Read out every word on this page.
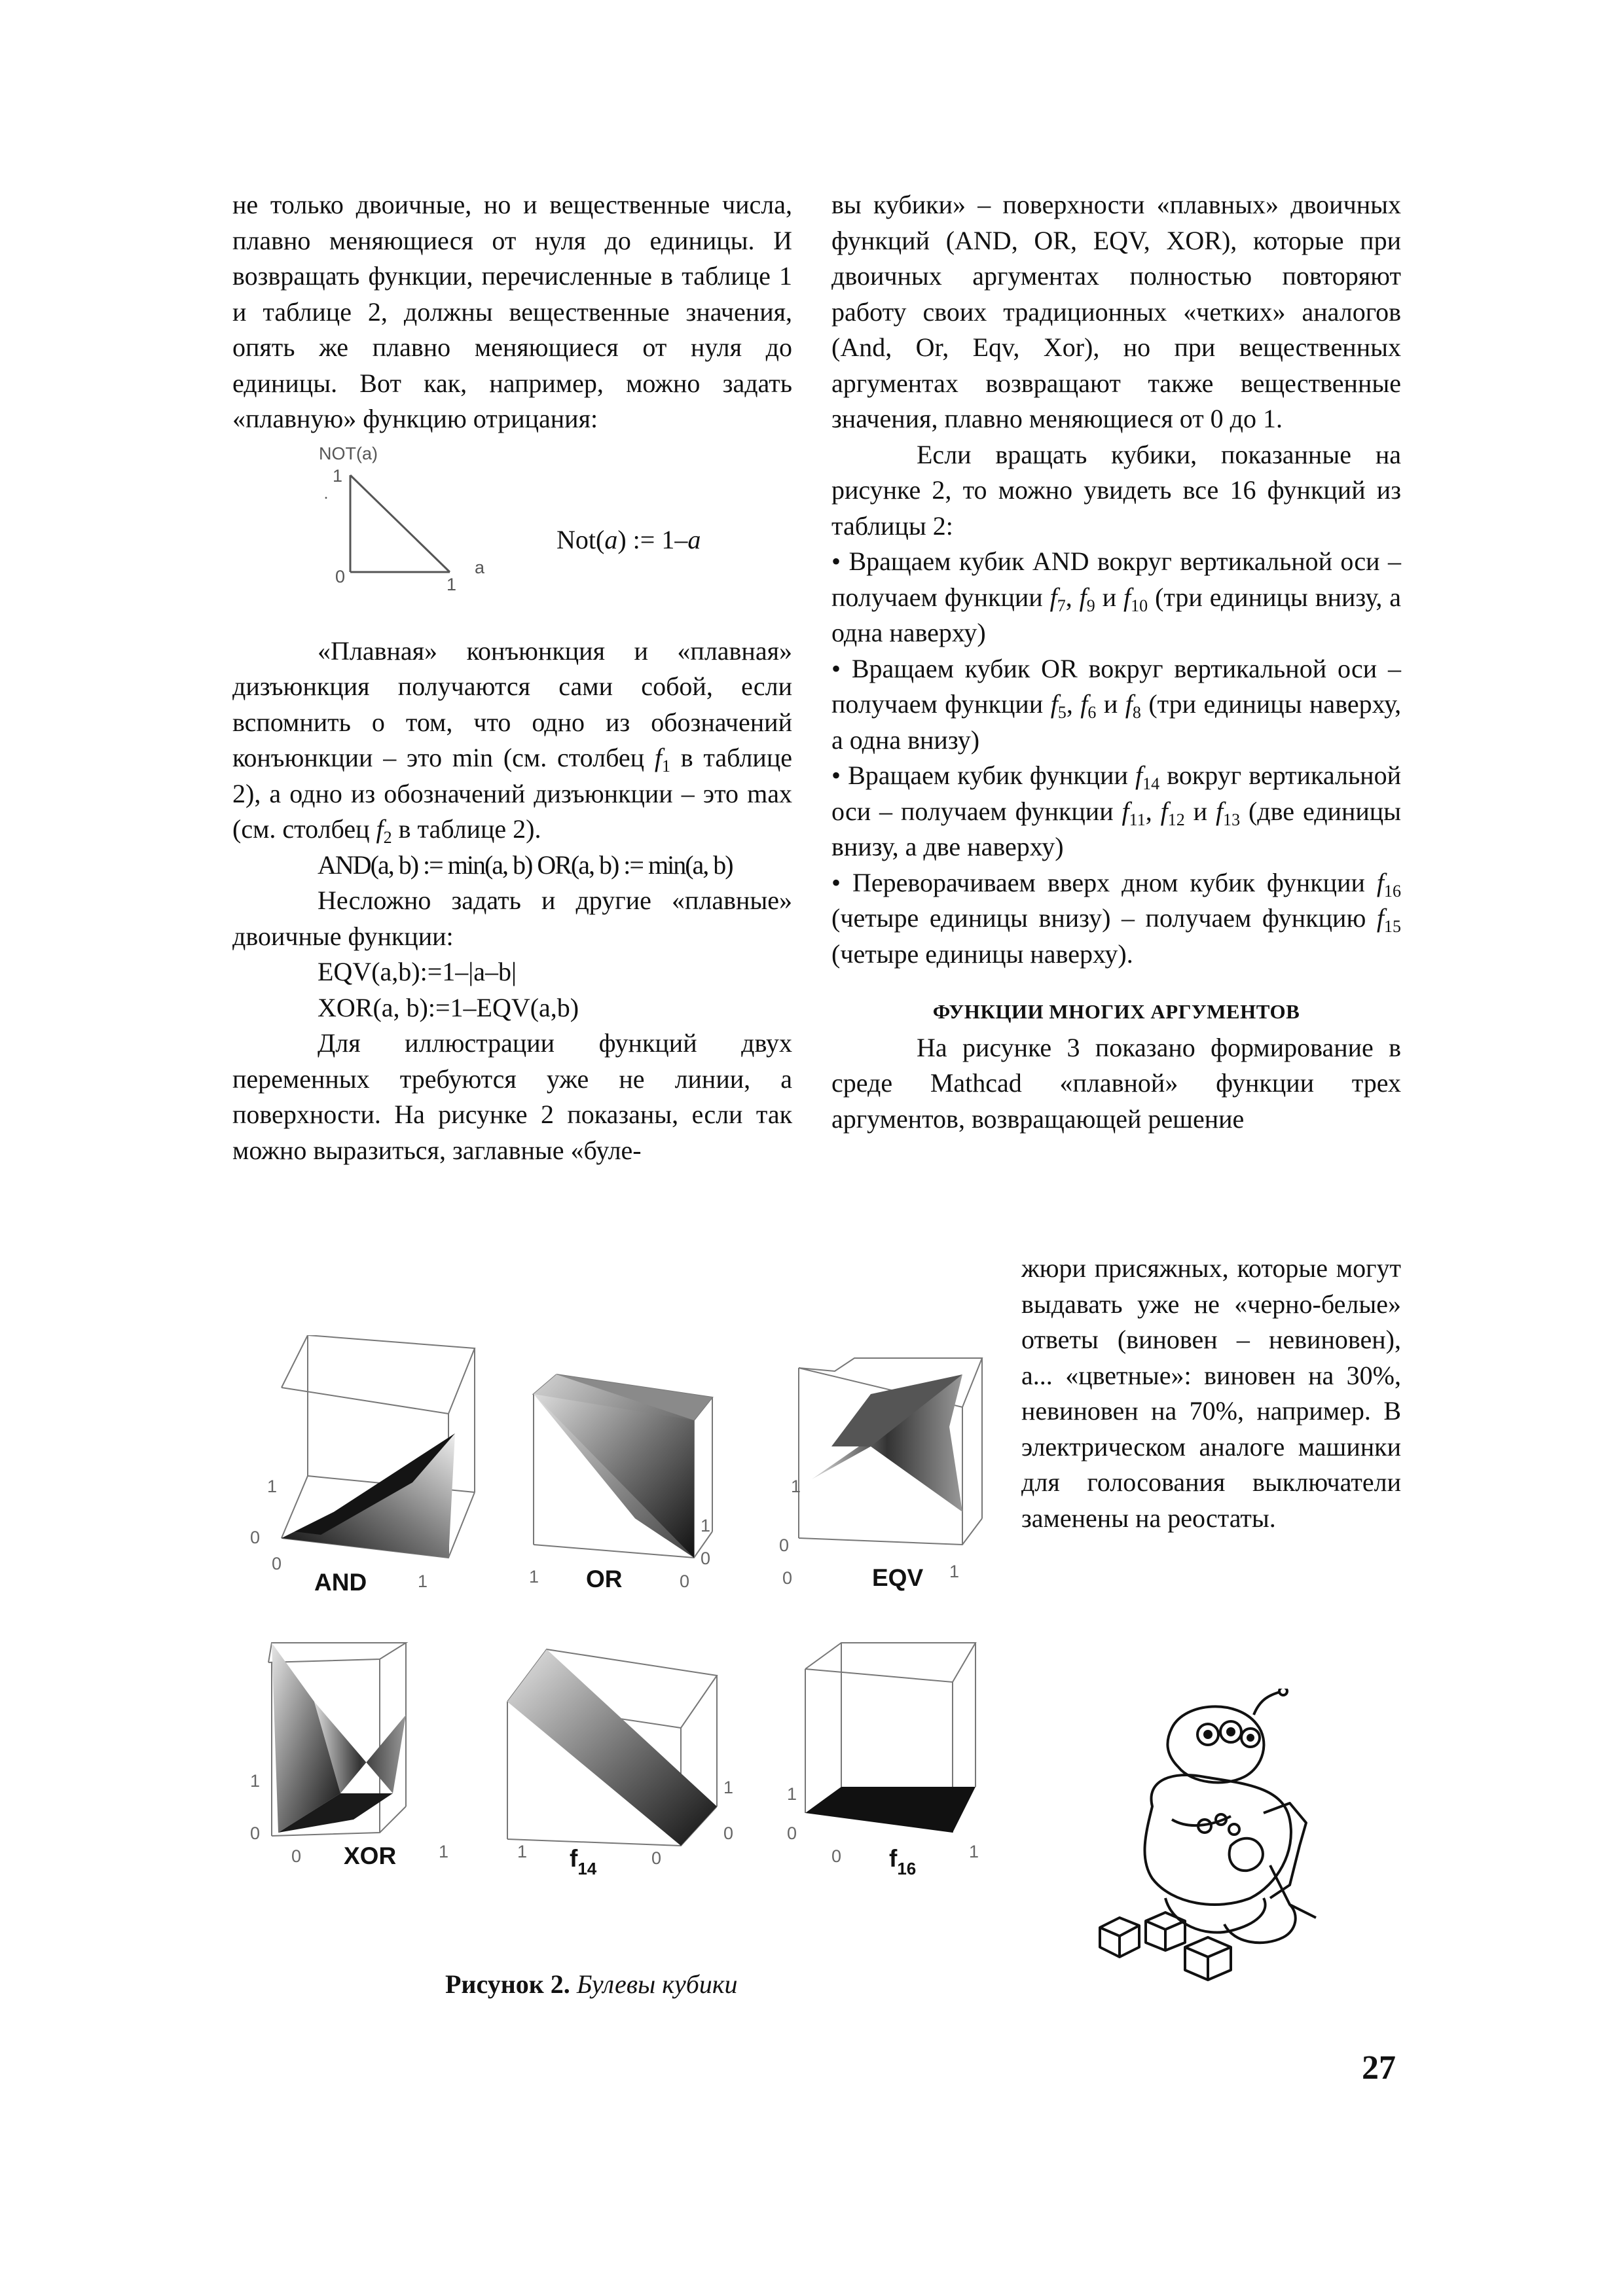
не только двоичные, но и вещественные числа, плавно меняющиеся от нуля до единицы. И возвращать функции, перечисленные в таблице 1 и таблице 2, должны вещественные значения, опять же плавно меняющиеся от нуля до единицы. Вот как, например, можно задать «плавную» функцию отрицания:

NOT(a)
1
.
0	1
a
Not(a) := 1–a

«Плавная» конъюнкция и «плавная» дизъюнкция получаются сами собой, если вспомнить о том, что одно из обозначений конъюнкции – это min (см. столбец $f_1$ в таблице 2), а одно из обозначений дизъюнкции – это max (см. столбец $f_2$ в таблице 2).

AND(a, b) := min(a, b) OR(a, b) := min(a, b)

Несложно задать и другие «плавные» двоичные функции:

EQV(a,b):=1–|a–b|

XOR(a, b):=1–EQV(a,b)

Для иллюстрации функций двух переменных требуются уже не линии, а поверхности. На рисунке 2 показаны, если так можно выразиться, заглавные «буле-

вы кубики» – поверхности «плавных» двоичных функций (AND, OR, EQV, XOR), которые при двоичных аргументах полностью повторяют работу своих традиционных «четких» аналогов (And, Or, Eqv, Xor), но при вещественных аргументах возвращают также вещественные значения, плавно меняющиеся от 0 до 1.

Если вращать кубики, показанные на рисунке 2, то можно увидеть все 16 функций из таблицы 2:

• Вращаем кубик AND вокруг вертикальной оси – получаем функции $f_7$, $f_9$ и $f_{10}$ (три единицы внизу, а одна наверху)

• Вращаем кубик OR вокруг вертикальной оси – получаем функции $f_5$, $f_6$ и $f_8$ (три единицы наверху, а одна внизу)

• Вращаем кубик функции $f_{14}$ вокруг вертикальной оси – получаем функции $f_{11}$, $f_{12}$ и $f_{13}$ (две единицы внизу, а две наверху)

• Переворачиваем вверх дном кубик функции $f_{16}$ (четыре единицы внизу) – получаем функцию $f_{15}$ (четыре единицы наверху).

ФУНКЦИИ МНОГИХ АРГУМЕНТОВ

На рисунке 3 показано формирование в среде Mathcad «плавной» функции трех аргументов, возвращающей решение

жюри присяжных, которые могут выдавать уже не «черно-белые» ответы (виновен – невиновен), а... «цветные»: виновен на 30%, невиновен на 70%, например. В электрическом аналоге машинки для голосования выключатели заменены на реостаты.
1
0
0
1
AND
1
0
0
1 OR
1
0
0	1
EQV
1
0
0	1
XOR
1
0
1	0
$f_{14}$
1
0
0	1
$f_{16}$
Рисунок 2. Булевы кубики
27
